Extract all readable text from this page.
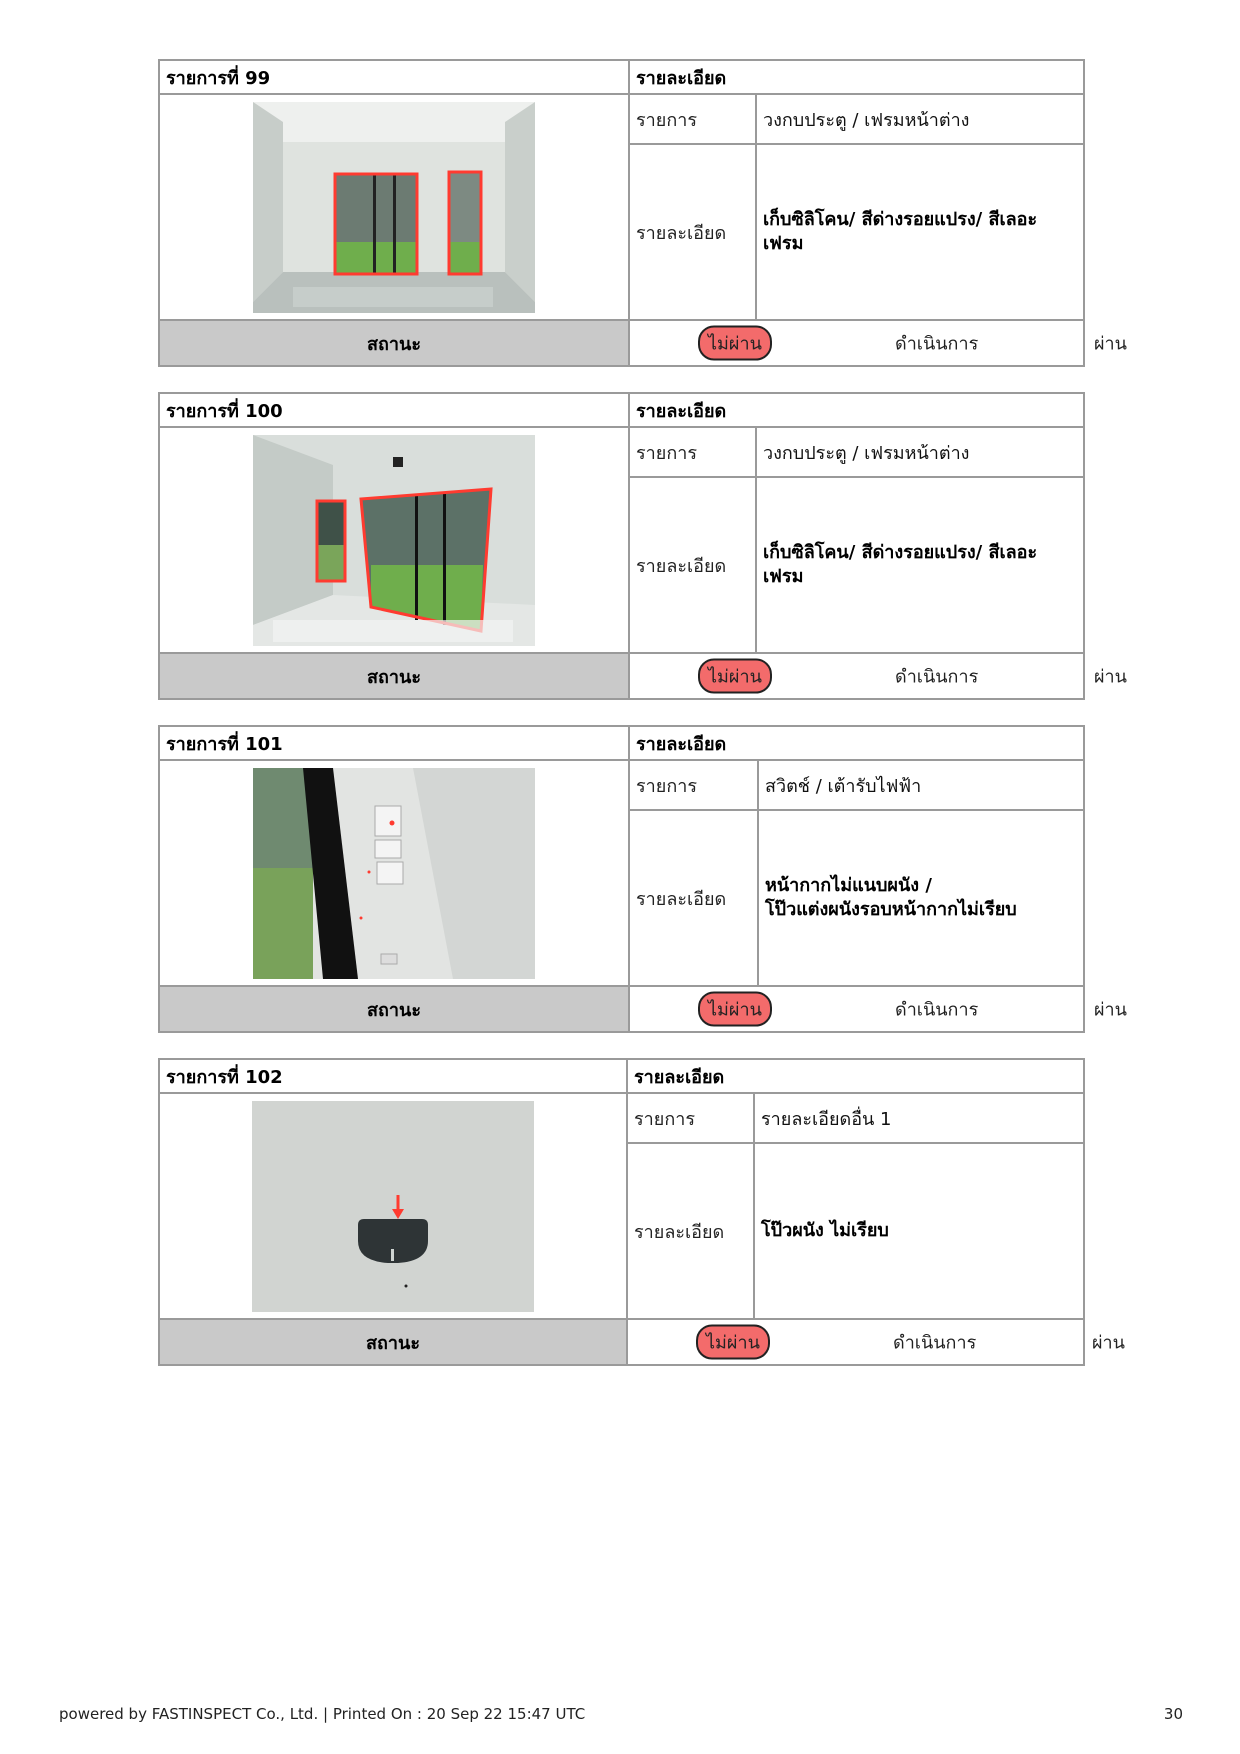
รายการที่ 99	รายละเอียด	

	รายการ	วงกบประตู / เฟรมหน้าต่าง
	รายละเอียด	เก็บซิลิโคน/ สีด่างรอยแปรง/ สีเลอะเฟรม
สถานะ	ไม่ผ่าน ดำเนินการ ผ่าน	
รายการที่ 100	รายละเอียด	

	รายการ	วงกบประตู / เฟรมหน้าต่าง
	รายละเอียด	เก็บซิลิโคน/ สีด่างรอยแปรง/ สีเลอะเฟรม
สถานะ	ไม่ผ่าน ดำเนินการ ผ่าน	
รายการที่ 101	รายละเอียด	

	รายการ	สวิตช์ / เต้ารับไฟฟ้า
	รายละเอียด	หน้ากากไม่แนบผนัง /
โป๊วแต่งผนังรอบหน้ากากไม่เรียบ

สถานะ	ไม่ผ่าน ดำเนินการ ผ่าน	
รายการที่ 102	รายละเอียด	

	รายการ	รายละเอียดอื่น 1
	รายละเอียด	โป๊วผนัง ไม่เรียบ
สถานะ	ไม่ผ่าน ดำเนินการ ผ่าน	
powered by FASTINSPECT Co., Ltd. | Printed On : 20 Sep 22 15:47 UTC	30
